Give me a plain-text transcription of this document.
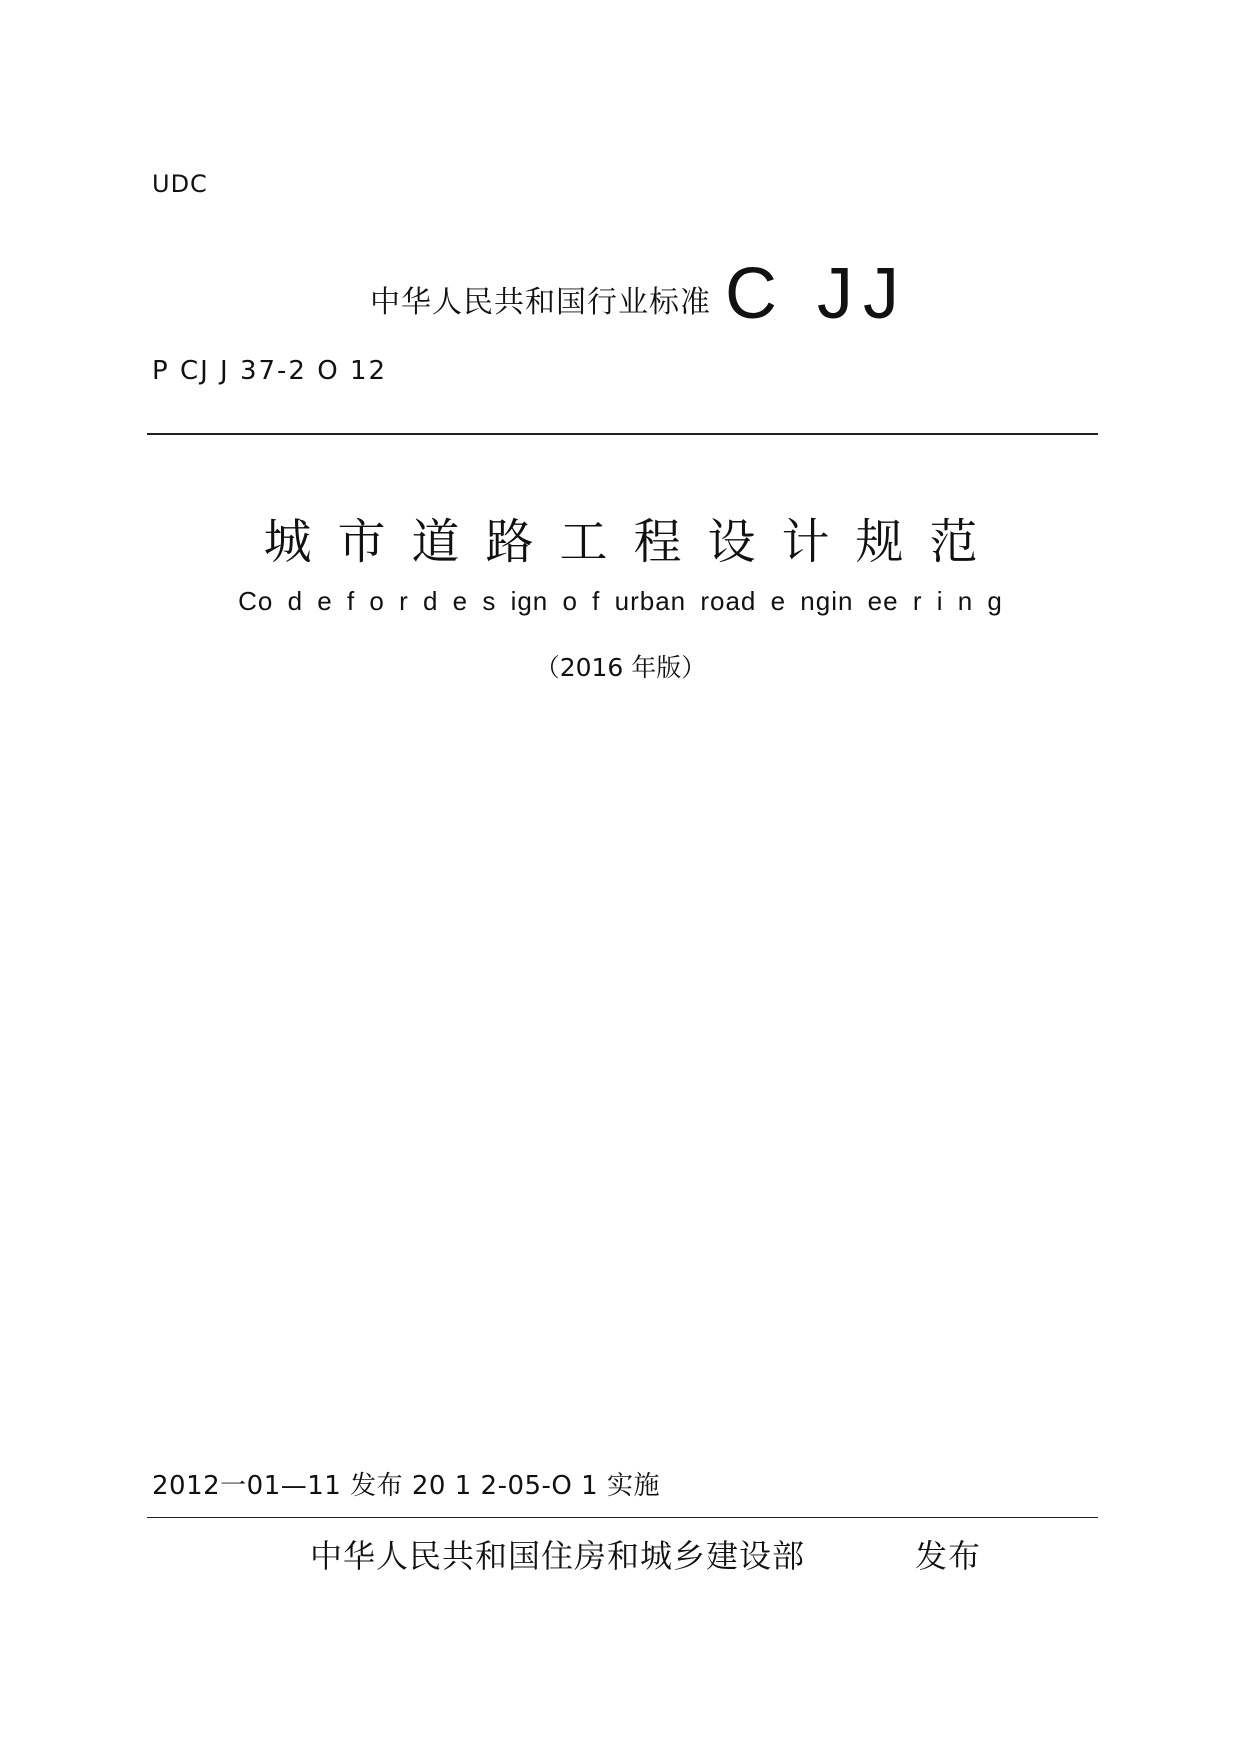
UDC
中华人民共和国行业标准 C JJ
P CJ J 37-2 O 12
城市道路工程设计规范
Co d e f o r d e s ign o f urban road e ngin ee r i n g
（2016 年版）
2012一01—11 发布 20 1 2-05-O 1 实施
中华人民共和国住房和城乡建设部	发布
